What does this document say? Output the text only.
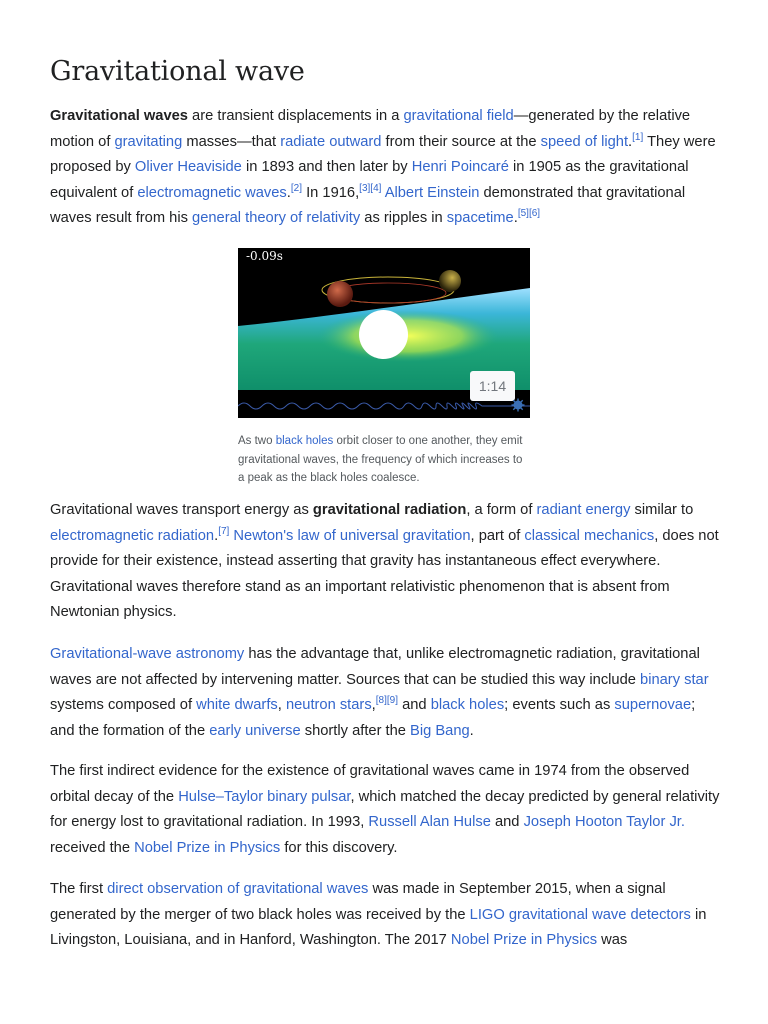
Gravitational wave

Gravitational waves are transient displacements in a gravitational field—generated by the relative motion of gravitating masses—that radiate outward from their source at the speed of light.[1] They were proposed by Oliver Heaviside in 1893 and then later by Henri Poincaré in 1905 as the gravitational equivalent of electromagnetic waves.[2] In 1916,[3][4] Albert Einstein demonstrated that gravitational waves result from his general theory of relativity as ripples in spacetime.[5][6]

-0.09s
1:14

As two black holes orbit closer to one another, they emit gravitational waves, the frequency of which increases to a peak as the black holes coalesce.

Gravitational waves transport energy as gravitational radiation, a form of radiant energy similar to electromagnetic radiation.[7] Newton's law of universal gravitation, part of classical mechanics, does not provide for their existence, instead asserting that gravity has instantaneous effect everywhere. Gravitational waves therefore stand as an important relativistic phenomenon that is absent from Newtonian physics.

Gravitational-wave astronomy has the advantage that, unlike electromagnetic radiation, gravitational waves are not affected by intervening matter. Sources that can be studied this way include binary star systems composed of white dwarfs, neutron stars,[8][9] and black holes; events such as supernovae; and the formation of the early universe shortly after the Big Bang.

The first indirect evidence for the existence of gravitational waves came in 1974 from the observed orbital decay of the Hulse–Taylor binary pulsar, which matched the decay predicted by general relativity for energy lost to gravitational radiation. In 1993, Russell Alan Hulse and Joseph Hooton Taylor Jr. received the Nobel Prize in Physics for this discovery.

The first direct observation of gravitational waves was made in September 2015, when a signal generated by the merger of two black holes was received by the LIGO gravitational wave detectors in Livingston, Louisiana, and in Hanford, Washington. The 2017 Nobel Prize in Physics was
